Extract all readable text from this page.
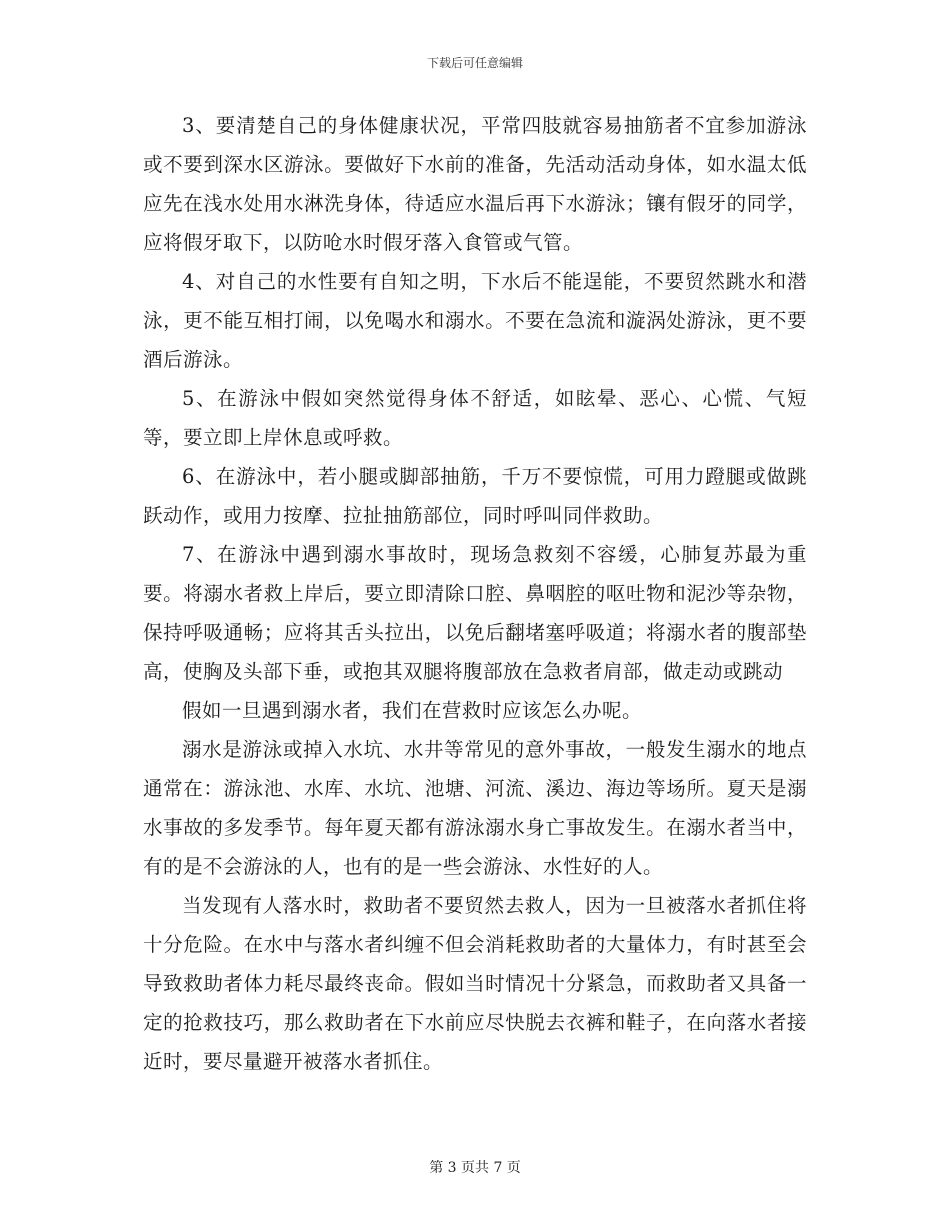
下载后可任意编辑

3、要清楚自己的身体健康状况，平常四肢就容易抽筋者不宜参加游泳或不要到深水区游泳。要做好下水前的准备，先活动活动身体，如水温太低应先在浅水处用水淋洗身体，待适应水温后再下水游泳；镶有假牙的同学，应将假牙取下，以防呛水时假牙落入食管或气管。

4、对自己的水性要有自知之明，下水后不能逞能，不要贸然跳水和潜泳，更不能互相打闹，以免喝水和溺水。不要在急流和漩涡处游泳，更不要酒后游泳。

5、在游泳中假如突然觉得身体不舒适，如眩晕、恶心、心慌、气短等，要立即上岸休息或呼救。

6、在游泳中，若小腿或脚部抽筋，千万不要惊慌，可用力蹬腿或做跳跃动作，或用力按摩、拉扯抽筋部位，同时呼叫同伴救助。

7、在游泳中遇到溺水事故时，现场急救刻不容缓，心肺复苏最为重要。将溺水者救上岸后，要立即清除口腔、鼻咽腔的呕吐物和泥沙等杂物，保持呼吸通畅；应将其舌头拉出，以免后翻堵塞呼吸道；将溺水者的腹部垫高，使胸及头部下垂，或抱其双腿将腹部放在急救者肩部，做走动或跳动

假如一旦遇到溺水者，我们在营救时应该怎么办呢。

溺水是游泳或掉入水坑、水井等常见的意外事故，一般发生溺水的地点通常在：游泳池、水库、水坑、池塘、河流、溪边、海边等场所。夏天是溺水事故的多发季节。每年夏天都有游泳溺水身亡事故发生。在溺水者当中，有的是不会游泳的人，也有的是一些会游泳、水性好的人。

当发现有人落水时，救助者不要贸然去救人，因为一旦被落水者抓住将十分危险。在水中与落水者纠缠不但会消耗救助者的大量体力，有时甚至会导致救助者体力耗尽最终丧命。假如当时情况十分紧急，而救助者又具备一定的抢救技巧，那么救助者在下水前应尽快脱去衣裤和鞋子，在向落水者接近时，要尽量避开被落水者抓住。

第 3 页共 7 页
